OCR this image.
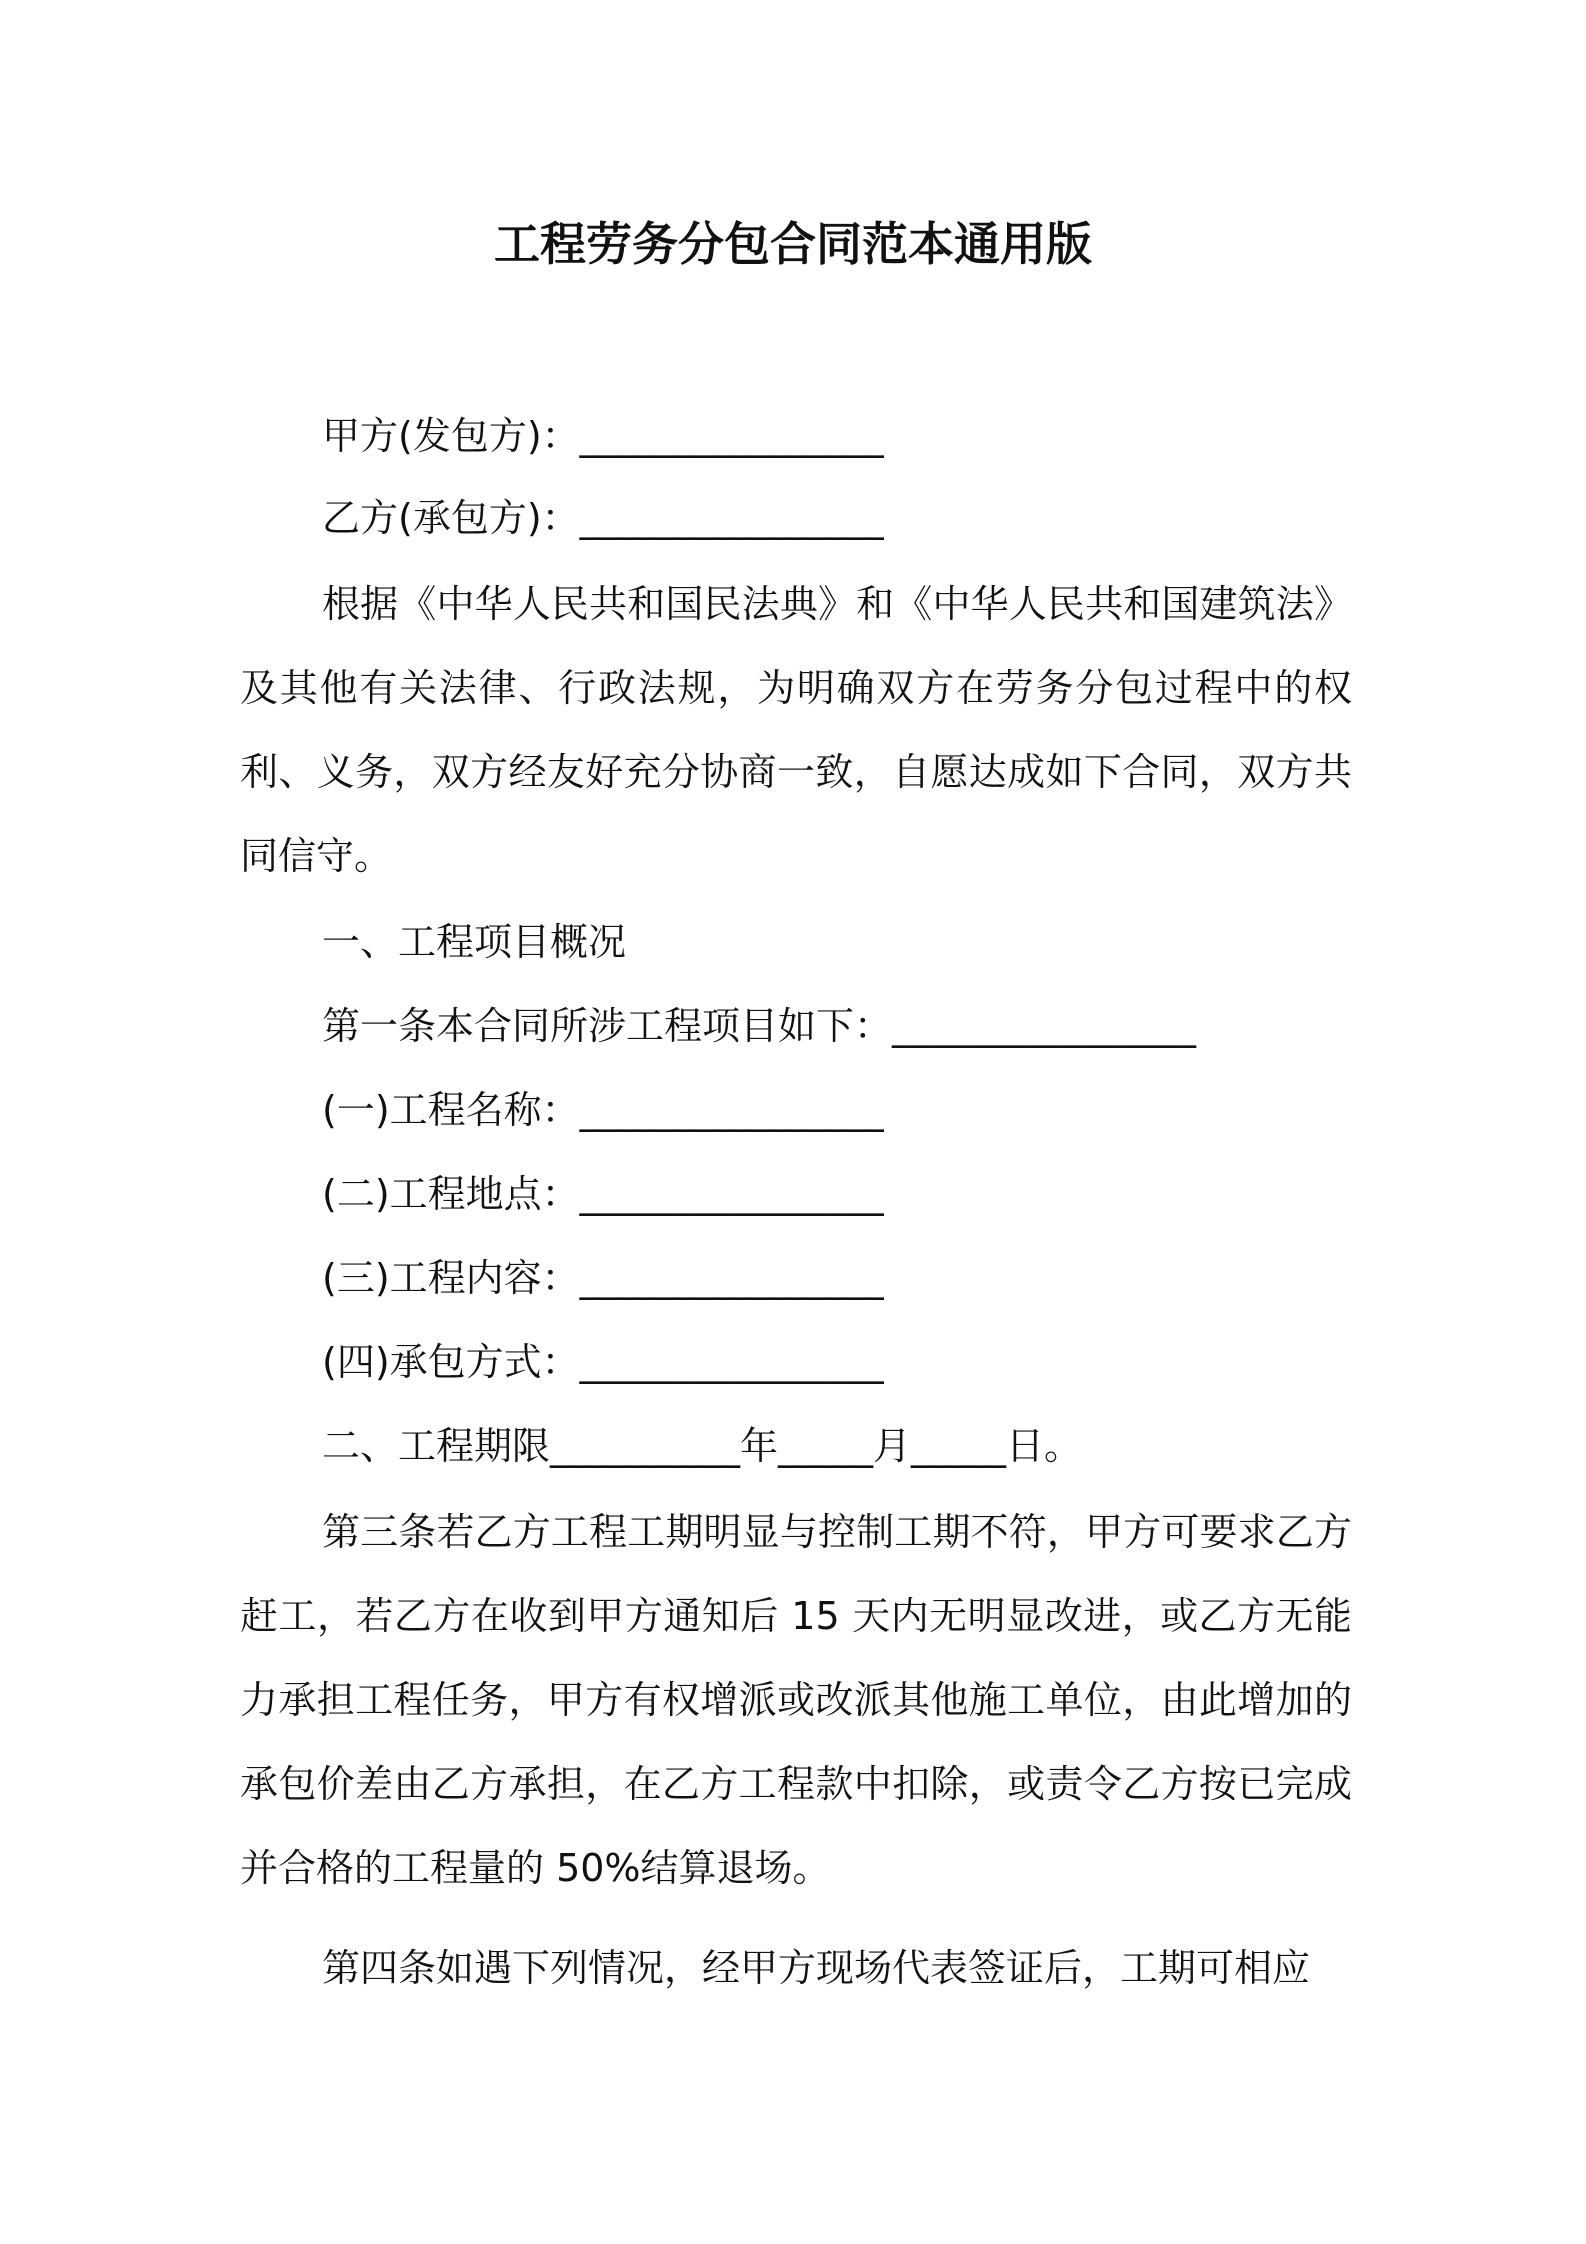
工程劳务分包合同范本通用版
甲方(发包方)：________________
乙方(承包方)：________________
根据《中华人民共和国民法典》和《中华人民共和国建筑法》及其他有关法律、行政法规，为明确双方在劳务分包过程中的权利、义务，双方经友好充分协商一致，自愿达成如下合同，双方共同信守。
一、工程项目概况
第一条本合同所涉工程项目如下：________________
(一)工程名称：________________
(二)工程地点：________________
(三)工程内容：________________
(四)承包方式：________________
二、工程期限__________年_____月_____日。
第三条若乙方工程工期明显与控制工期不符，甲方可要求乙方赶工，若乙方在收到甲方通知后 15 天内无明显改进，或乙方无能力承担工程任务，甲方有权增派或改派其他施工单位，由此增加的承包价差由乙方承担，在乙方工程款中扣除，或责令乙方按已完成并合格的工程量的 50%结算退场。
第四条如遇下列情况，经甲方现场代表签证后，工期可相应
